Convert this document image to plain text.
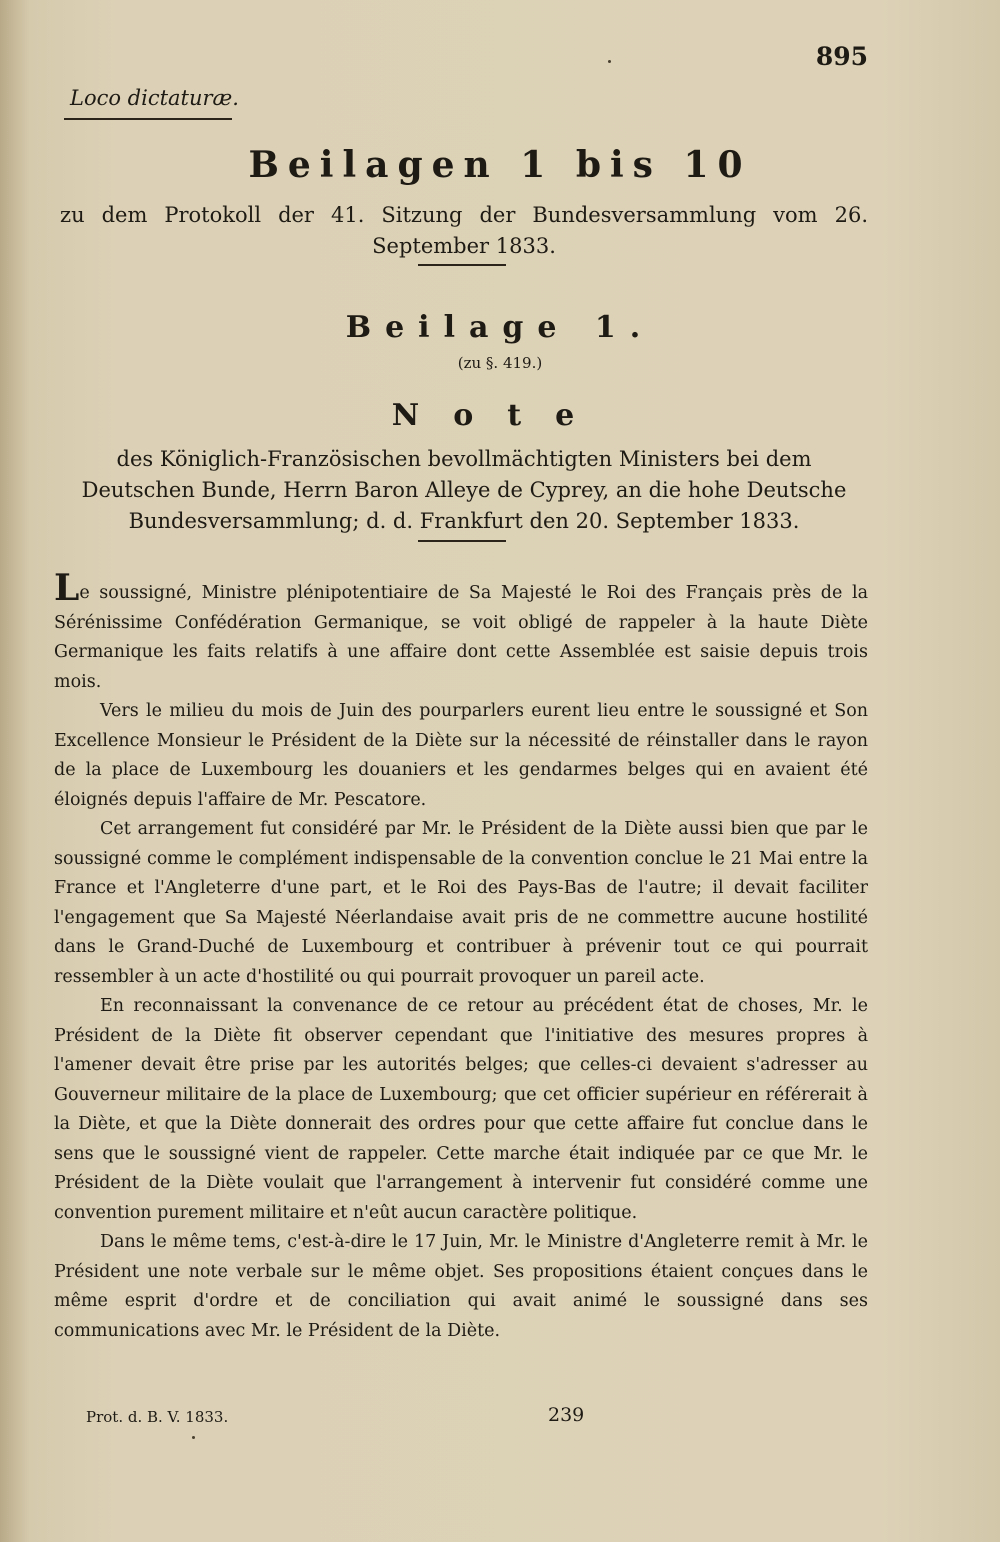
895
Loco dictaturæ.
Beilagen 1 bis 10
zu dem Protokoll der 41. Sitzung der Bundesversammlung vom 26. September 1833.
Beilage 1.
(zu §. 419.)
Note
des Königlich-Französischen bevollmächtigten Ministers bei dem Deutschen Bunde, Herrn Baron Alleye de Cyprey, an die hohe Deutsche Bundesversammlung; d. d. Frankfurt den 20. September 1833.

Le soussigné, Ministre plénipotentiaire de Sa Majesté le Roi des Français près de la Sérénissime Confédération Germanique, se voit obligé de rappeler à la haute Diète Germanique les faits relatifs à une affaire dont cette Assemblée est saisie depuis trois mois.

Vers le milieu du mois de Juin des pourparlers eurent lieu entre le soussigné et Son Excellence Monsieur le Président de la Diète sur la nécessité de réinstaller dans le rayon de la place de Luxembourg les douaniers et les gendarmes belges qui en avaient été éloignés depuis l'affaire de Mr. Pescatore.

Cet arrangement fut considéré par Mr. le Président de la Diète aussi bien que par le soussigné comme le complément indispensable de la convention conclue le 21 Mai entre la France et l'Angleterre d'une part, et le Roi des Pays-Bas de l'autre; il devait faciliter l'engagement que Sa Majesté Néerlandaise avait pris de ne commettre aucune hostilité dans le Grand-Duché de Luxembourg et contribuer à prévenir tout ce qui pourrait ressembler à un acte d'hostilité ou qui pourrait provoquer un pareil acte.

En reconnaissant la convenance de ce retour au précédent état de choses, Mr. le Président de la Diète fit observer cependant que l'initiative des mesures propres à l'amener devait être prise par les autorités belges; que celles-ci devaient s'adresser au Gouverneur militaire de la place de Luxembourg; que cet officier supérieur en référerait à la Diète, et que la Diète donnerait des ordres pour que cette affaire fut conclue dans le sens que le soussigné vient de rappeler. Cette marche était indiquée par ce que Mr. le Président de la Diète voulait que l'arrangement à intervenir fut considéré comme une convention purement militaire et n'eût aucun caractère politique.

Dans le même tems, c'est-à-dire le 17 Juin, Mr. le Ministre d'Angleterre remit à Mr. le Président une note verbale sur le même objet. Ses propositions étaient conçues dans le même esprit d'ordre et de conciliation qui avait animé le soussigné dans ses communications avec Mr. le Président de la Diète.

Prot. d. B. V. 1833.	239
